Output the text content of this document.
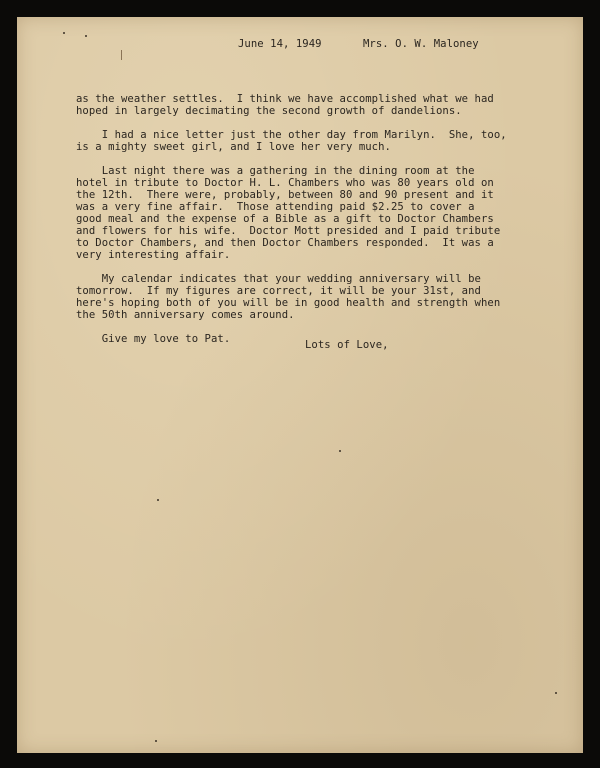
June 14, 1949	Mrs. O. W. Maloney
as the weather settles.  I think we have accomplished what we had
hoped in largely decimating the second growth of dandelions.
I had a nice letter just the other day from Marilyn.  She, too,
is a mighty sweet girl, and I love her very much.
Last night there was a gathering in the dining room at the
hotel in tribute to Doctor H. L. Chambers who was 80 years old on
the 12th.  There were, probably, between 80 and 90 present and it
was a very fine affair.  Those attending paid $2.25 to cover a
good meal and the expense of a Bible as a gift to Doctor Chambers
and flowers for his wife.  Doctor Mott presided and I paid tribute
to Doctor Chambers, and then Doctor Chambers responded.  It was a
very interesting affair.
My calendar indicates that your wedding anniversary will be
tomorrow.  If my figures are correct, it will be your 31st, and
here's hoping both of you will be in good health and strength when
the 50th anniversary comes around.
Give my love to Pat.	Lots of Love,
